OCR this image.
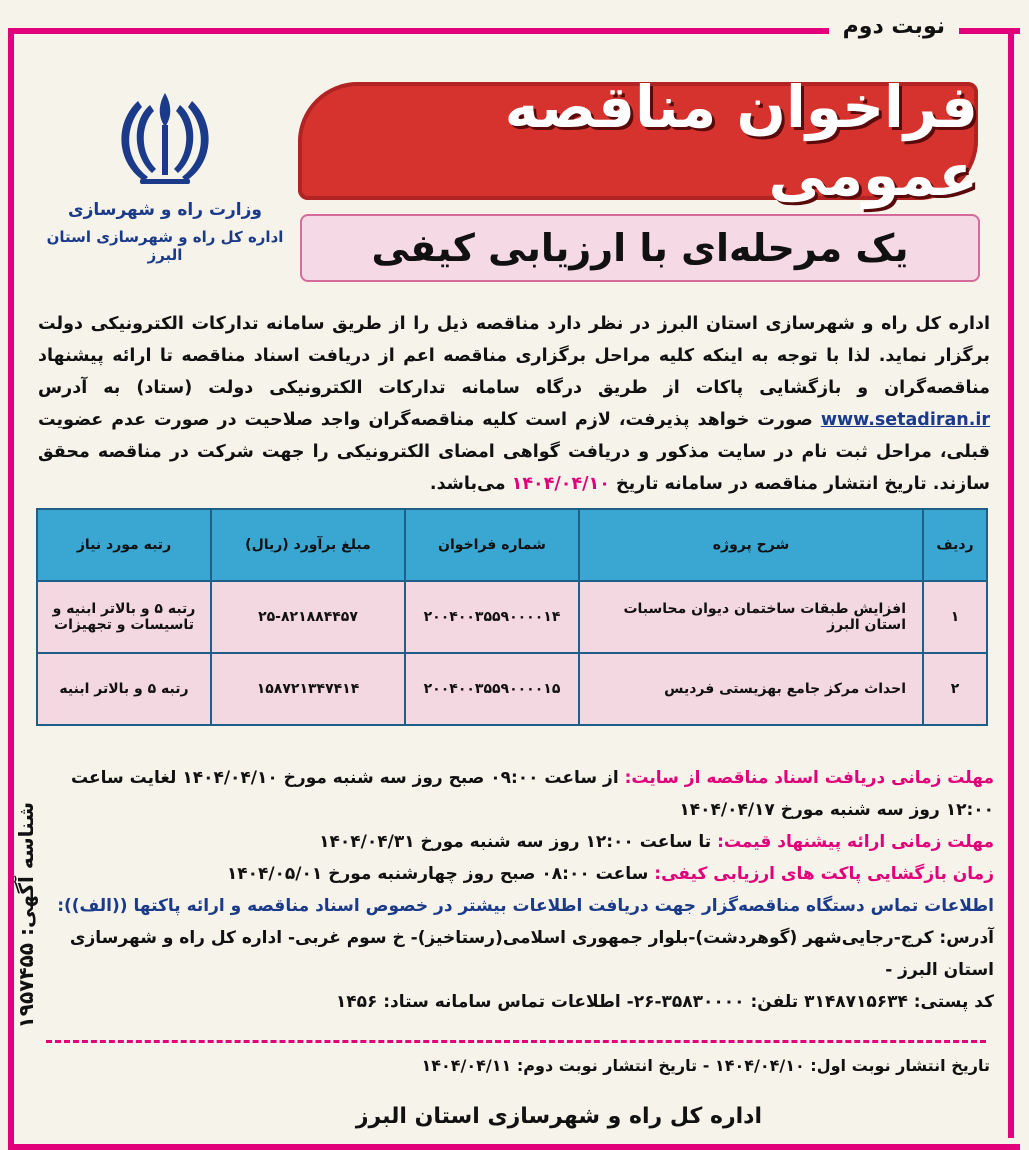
نوبت دوم
وزارت راه و شهرسازی
اداره کل راه و شهرسازی استان البرز
فراخوان مناقصه عمومی
یک مرحله‌ای با ارزیابی کیفی
اداره کل راه و شهرسازی استان البرز در نظر دارد مناقصه ذیل را از طریق سامانه تدارکات الکترونیکی دولت برگزار نماید. لذا با توجه به اینکه کلیه مراحل برگزاری مناقصه اعم از دریافت اسناد مناقصه تا ارائه پیشنهاد مناقصه‌گران و بازگشایی پاکات از طریق درگاه سامانه تدارکات الکترونیکی دولت (ستاد) به آدرس www.setadiran.ir صورت خواهد پذیرفت، لازم است کلیه مناقصه‌گران واجد صلاحیت در صورت عدم عضویت قبلی، مراحل ثبت نام در سایت مذکور و دریافت گواهی امضای الکترونیکی را جهت شرکت در مناقصه محقق سازند. تاریخ انتشار مناقصه در سامانه تاریخ ۱۴۰۴/۰۴/۱۰ می‌باشد.
ردیف	شرح پروژه	شماره فراخوان	مبلغ برآورد (ریال)	رتبه مورد نیاز
۱	افزایش طبقات ساختمان دیوان محاسبات استان البرز	۲۰۰۴۰۰۳۵۵۹۰۰۰۰۱۴	۲۵-۸۲۱۸۸۴۴۵۷	رتبه ۵ و بالاتر ابنیه و تاسیسات و تجهیزات
۲	احداث مرکز جامع بهزیستی فردیس	۲۰۰۴۰۰۳۵۵۹۰۰۰۰۱۵	۱۵۸۷۲۱۳۴۷۴۱۴	رتبه ۵ و بالاتر ابنیه
مهلت زمانی دریافت اسناد مناقصه از سایت: از ساعت ۰۹:۰۰ صبح روز سه شنبه مورخ ۱۴۰۴/۰۴/۱۰ لغایت ساعت ۱۲:۰۰ روز سه شنبه مورخ ۱۴۰۴/۰۴/۱۷
مهلت زمانی ارائه پیشنهاد قیمت: تا ساعت ۱۲:۰۰ روز سه شنبه مورخ ۱۴۰۴/۰۴/۳۱
زمان بازگشایی پاکت های ارزیابی کیفی: ساعت ۰۸:۰۰ صبح روز چهارشنبه مورخ ۱۴۰۴/۰۵/۰۱
اطلاعات تماس دستگاه مناقصه‌گزار جهت دریافت اطلاعات بیشتر در خصوص اسناد مناقصه و ارائه پاکتها ((الف)):
آدرس: کرج-رجایی‌شهر (گوهردشت)-بلوار جمهوری اسلامی(رستاخیز)- خ سوم غربی- اداره کل راه و شهرسازی استان البرز -
کد پستی: ۳۱۴۸۷۱۵۶۳۴ تلفن: ۳۵۸۳۰۰۰۰-۲۶- اطلاعات تماس سامانه ستاد: ۱۴۵۶
تاریخ انتشار نوبت اول: ۱۴۰۴/۰۴/۱۰ - تاریخ انتشار نوبت دوم: ۱۴۰۴/۰۴/۱۱
اداره کل راه و شهرسازی استان البرز
شناسه آگهی: ۱۹۵۷۴۵۵
